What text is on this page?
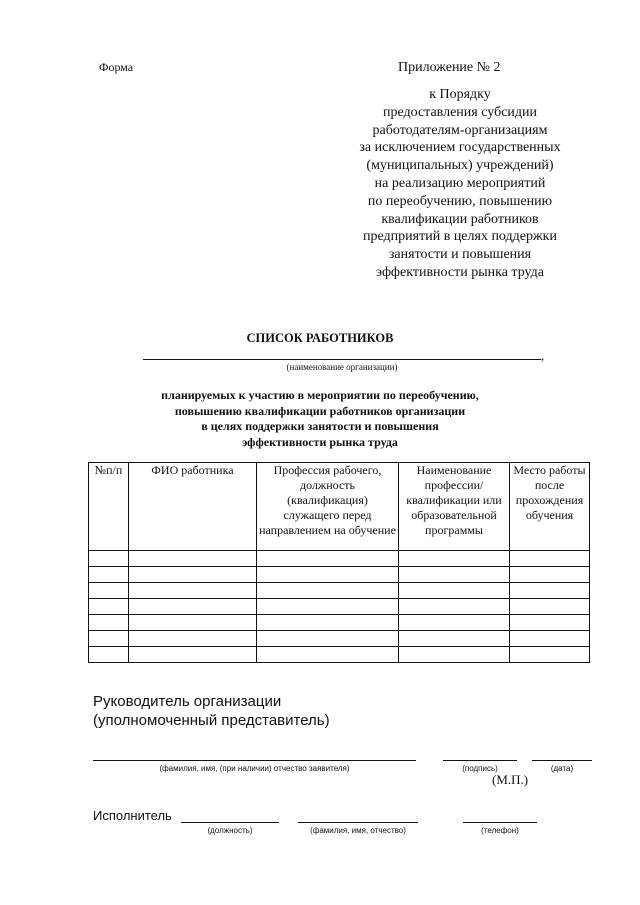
Форма	Приложение № 2
к Порядку
предоставления субсидии
работодателям-организациям
за исключением государственных
(муниципальных) учреждений)
на реализацию мероприятий
по переобучению, повышению
квалификации работников
предприятий в целях поддержки
занятости и повышения
эффективности рынка труда
СПИСОК РАБОТНИКОВ
,
(наименование организации)
планируемых к участию в мероприятии по переобучению,
повышению квалификации работников организации
в целях поддержки занятости и повышения
эффективности рынка труда
№п/п	ФИО работника	Профессия рабочего, должность (квалификация) служащего перед направлением на обучение	Наименование профессии/ квалификации или образовательной программы	Место работы после прохождения обучения

Руководитель организации
(уполномоченный представитель)
(фамилия, имя, (при наличии) отчество заявителя)	(подпись)	(дата)
(М.П.)
Исполнитель
(должность)	(фамилия, имя, отчество)	(телефон)
